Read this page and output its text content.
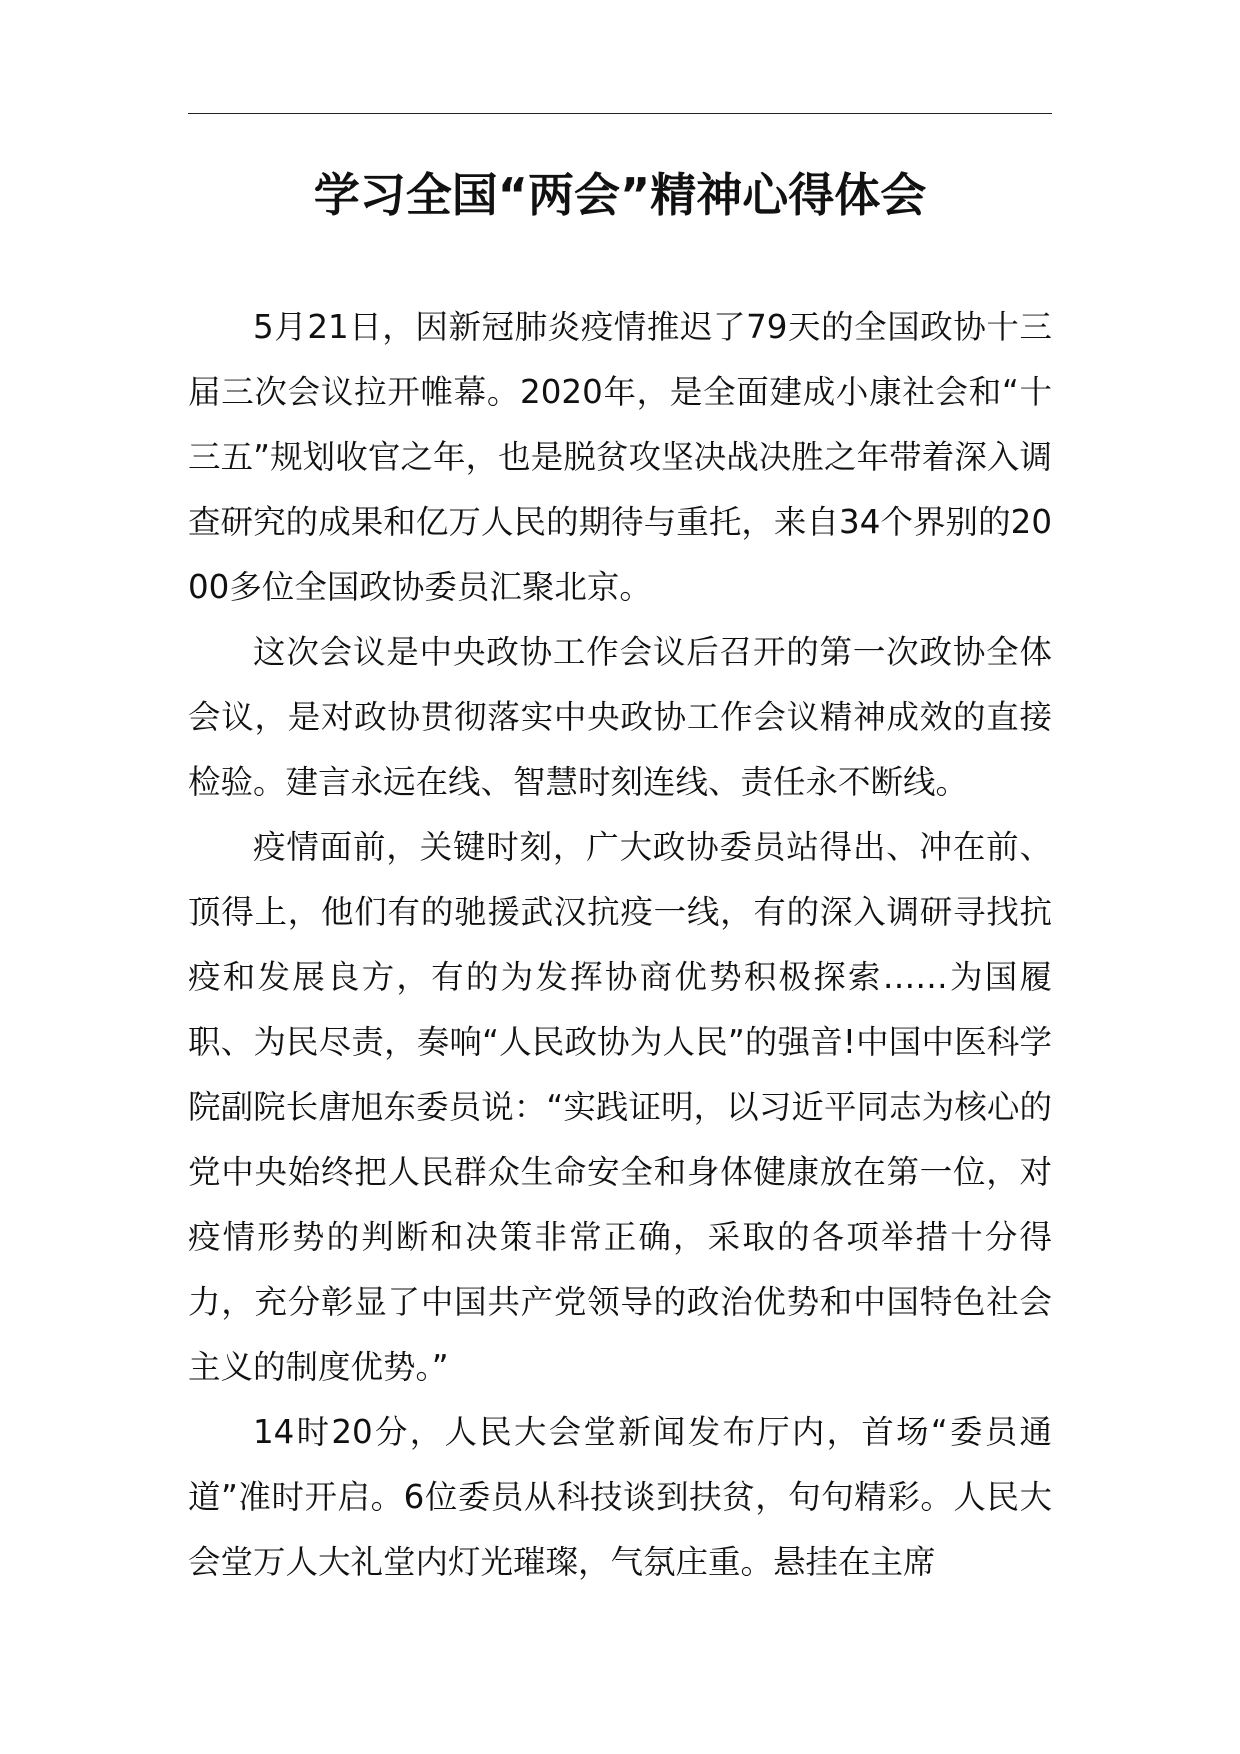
学习全国“两会”精神心得体会

5月21日，因新冠肺炎疫情推迟了79天的全国政协十三届三次会议拉开帷幕。2020年，是全面建成小康社会和“十三五”规划收官之年，也是脱贫攻坚决战决胜之年带着深入调查研究的成果和亿万人民的期待与重托，来自34个界别的2000多位全国政协委员汇聚北京。

这次会议是中央政协工作会议后召开的第一次政协全体会议，是对政协贯彻落实中央政协工作会议精神成效的直接检验。建言永远在线、智慧时刻连线、责任永不断线。

疫情面前，关键时刻，广大政协委员站得出、冲在前、顶得上，他们有的驰援武汉抗疫一线，有的深入调研寻找抗疫和发展良方，有的为发挥协商优势积极探索……为国履职、为民尽责，奏响“人民政协为人民”的强音!中国中医科学院副院长唐旭东委员说：“实践证明，以习近平同志为核心的党中央始终把人民群众生命安全和身体健康放在第一位，对疫情形势的判断和决策非常正确，采取的各项举措十分得力，充分彰显了中国共产党领导的政治优势和中国特色社会主义的制度优势。”

14时20分，人民大会堂新闻发布厅内，首场“委员通道”准时开启。6位委员从科技谈到扶贫，句句精彩。人民大会堂万人大礼堂内灯光璀璨，气氛庄重。悬挂在主席
